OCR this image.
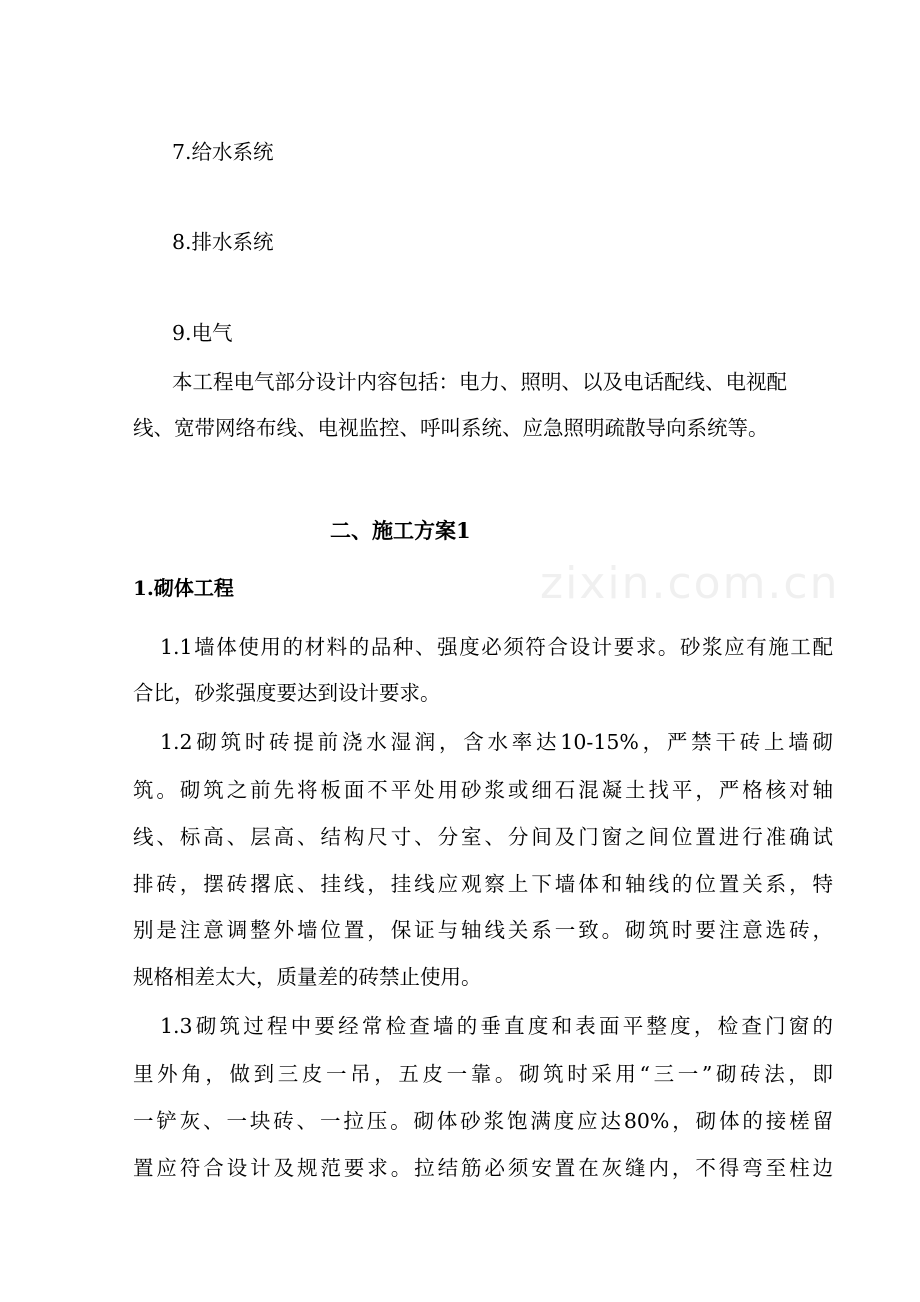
zixin.com.cn
7.给水系统
8.排水系统
9.电气
本工程电气部分设计内容包括：电力、照明、以及电话配线、电视配
线、宽带网络布线、电视监控、呼叫系统、应急照明疏散导向系统等。
二、施工方案1
1.砌体工程
1.1墙体使用的材料的品种、强度必须符合设计要求。砂浆应有施工配
合比，砂浆强度要达到设计要求。
1.2砌筑时砖提前浇水湿润，含水率达10-15%，严禁干砖上墙砌
筑。砌筑之前先将板面不平处用砂浆或细石混凝土找平，严格核对轴
线、标高、层高、结构尺寸、分室、分间及门窗之间位置进行准确试
排砖，摆砖撂底、挂线，挂线应观察上下墙体和轴线的位置关系，特
别是注意调整外墙位置，保证与轴线关系一致。砌筑时要注意选砖，
规格相差太大，质量差的砖禁止使用。
1.3砌筑过程中要经常检查墙的垂直度和表面平整度，检查门窗的
里外角，做到三皮一吊，五皮一靠。砌筑时采用“三一”砌砖法，即
一铲灰、一块砖、一拉压。砌体砂浆饱满度应达80%，砌体的接槎留
置应符合设计及规范要求。拉结筋必须安置在灰缝内，不得弯至柱边
